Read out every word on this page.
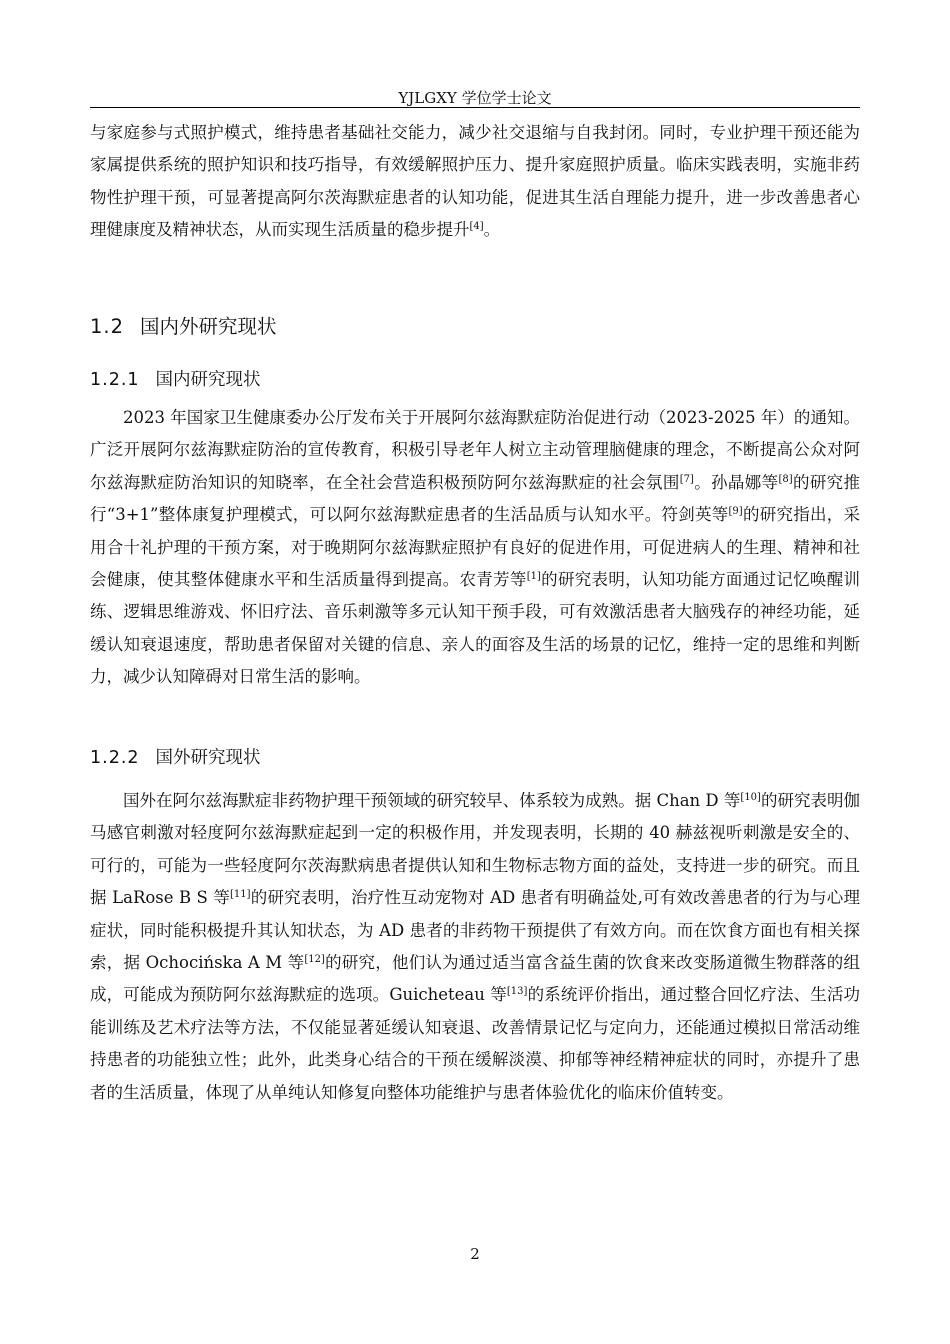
YJLGXY 学位学士论文
与家庭参与式照护模式，维持患者基础社交能力，减少社交退缩与自我封闭。同时，专业护理干预还能为家属提供系统的照护知识和技巧指导，有效缓解照护压力、提升家庭照护质量。临床实践表明，实施非药物性护理干预，可显著提高阿尔茨海默症患者的认知功能，促进其生活自理能力提升，进一步改善患者心理健康度及精神状态，从而实现生活质量的稳步提升[4]。
1.2 国内外研究现状
1.2.1 国内研究现状
2023 年国家卫生健康委办公厅发布关于开展阿尔兹海默症防治促进行动（2023-2025 年）的通知。广泛开展阿尔兹海默症防治的宣传教育，积极引导老年人树立主动管理脑健康的理念，不断提高公众对阿尔兹海默症防治知识的知晓率，在全社会营造积极预防阿尔兹海默症的社会氛围[7]。孙晶娜等[8]的研究推行“3+1”整体康复护理模式，可以阿尔兹海默症患者的生活品质与认知水平。符剑英等[9]的研究指出，采用合十礼护理的干预方案，对于晚期阿尔兹海默症照护有良好的促进作用，可促进病人的生理、精神和社会健康，使其整体健康水平和生活质量得到提高。农青芳等[1]的研究表明，认知功能方面通过记忆唤醒训练、逻辑思维游戏、怀旧疗法、音乐刺激等多元认知干预手段，可有效激活患者大脑残存的神经功能，延缓认知衰退速度，帮助患者保留对关键的信息、亲人的面容及生活的场景的记忆，维持一定的思维和判断力，减少认知障碍对日常生活的影响。
1.2.2 国外研究现状
国外在阿尔兹海默症非药物护理干预领域的研究较早、体系较为成熟。据 Chan D 等[10]的研究表明伽马感官刺激对轻度阿尔兹海默症起到一定的积极作用，并发现表明，长期的 40 赫兹视听刺激是安全的、可行的，可能为一些轻度阿尔茨海默病患者提供认知和生物标志物方面的益处，支持进一步的研究。而且据 LaRose B S 等[11]的研究表明，治疗性互动宠物对 AD 患者有明确益处,可有效改善患者的行为与心理症状，同时能积极提升其认知状态，为 AD 患者的非药物干预提供了有效方向。而在饮食方面也有相关探索，据 Ochocińska A M 等[12]的研究，他们认为通过适当富含益生菌的饮食来改变肠道微生物群落的组成，可能成为预防阿尔兹海默症的选项。Guicheteau 等[13]的系统评价指出，通过整合回忆疗法、生活功能训练及艺术疗法等方法，不仅能显著延缓认知衰退、改善情景记忆与定向力，还能通过模拟日常活动维持患者的功能独立性；此外，此类身心结合的干预在缓解淡漠、抑郁等神经精神症状的同时，亦提升了患者的生活质量，体现了从单纯认知修复向整体功能维护与患者体验优化的临床价值转变。
2
